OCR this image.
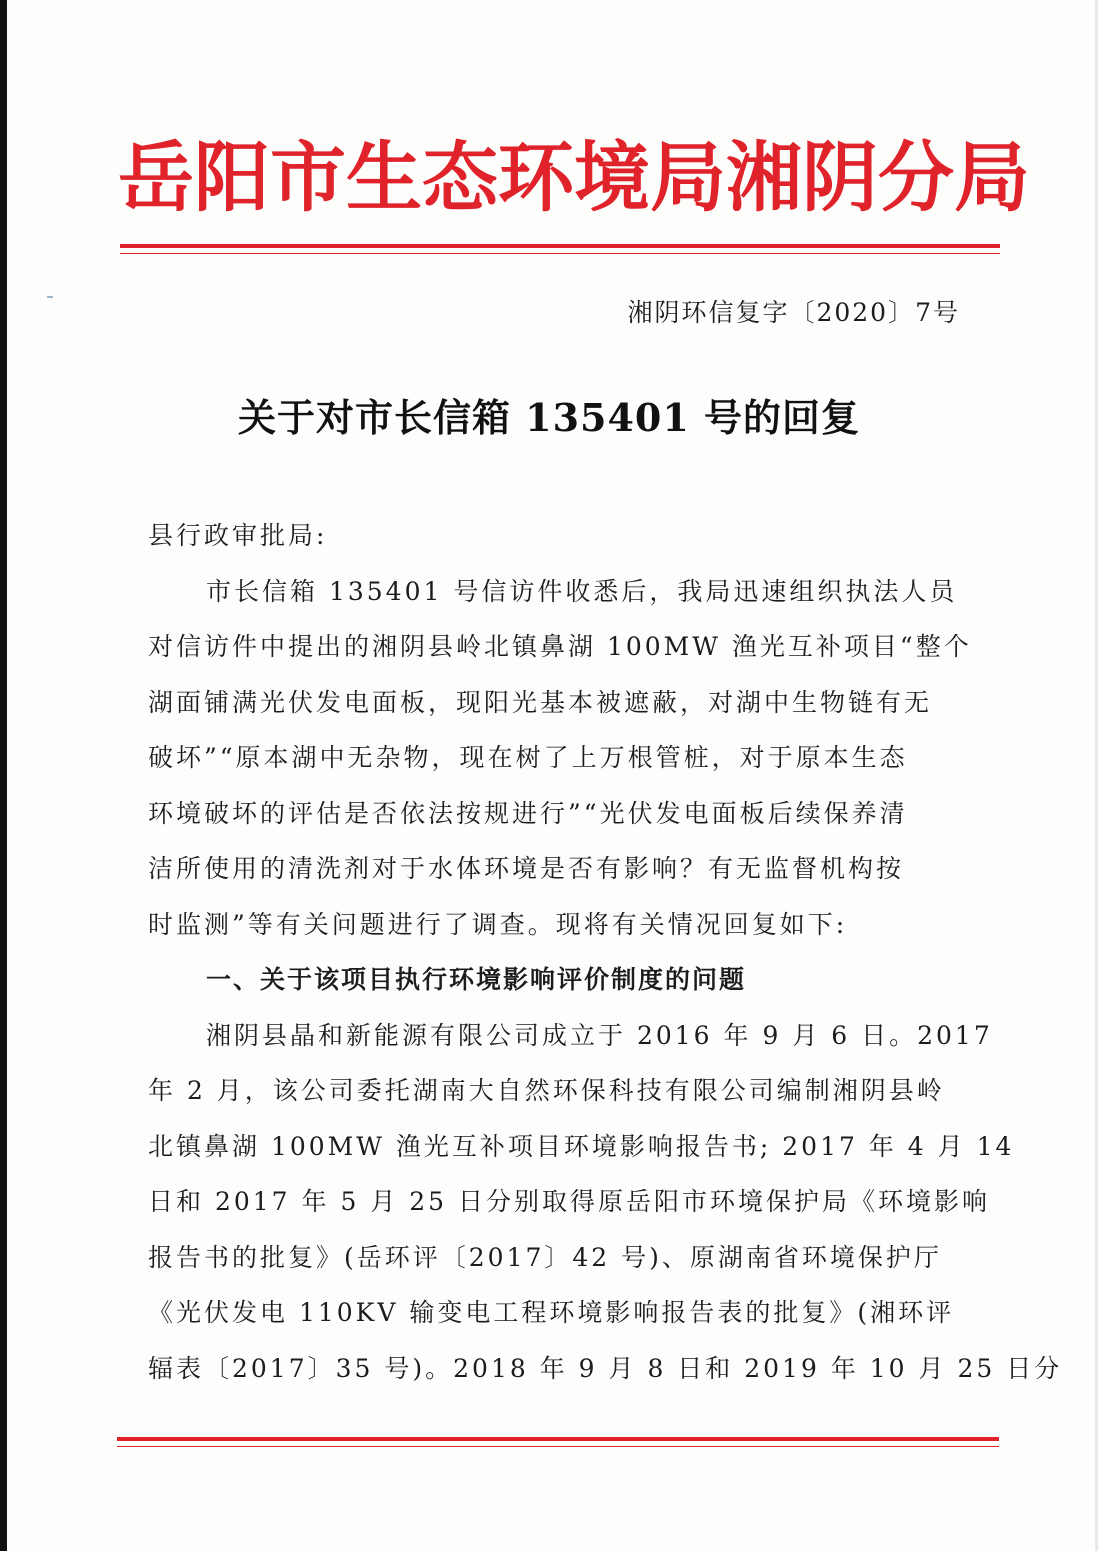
岳阳市生态环境局湘阴分局
湘阴环信复字〔2020〕7号
关于对市长信箱 135401 号的回复
县行政审批局:
市长信箱 135401 号信访件收悉后，我局迅速组织执法人员
对信访件中提出的湘阴县岭北镇鼻湖 100MW 渔光互补项目“整个
湖面铺满光伏发电面板，现阳光基本被遮蔽，对湖中生物链有无
破坏”“原本湖中无杂物，现在树了上万根管桩，对于原本生态
环境破坏的评估是否依法按规进行”“光伏发电面板后续保养清
洁所使用的清洗剂对于水体环境是否有影响？有无监督机构按
时监测”等有关问题进行了调查。现将有关情况回复如下:
一、关于该项目执行环境影响评价制度的问题
湘阴县晶和新能源有限公司成立于 2016 年 9 月 6 日。2017
年 2 月，该公司委托湖南大自然环保科技有限公司编制湘阴县岭
北镇鼻湖 100MW 渔光互补项目环境影响报告书; 2017 年 4 月 14
日和 2017 年 5 月 25 日分别取得原岳阳市环境保护局《环境影响
报告书的批复》(岳环评〔2017〕42 号)、原湖南省环境保护厅
《光伏发电 110KV 输变电工程环境影响报告表的批复》(湘环评
辐表〔2017〕35 号)。2018 年 9 月 8 日和 2019 年 10 月 25 日分
